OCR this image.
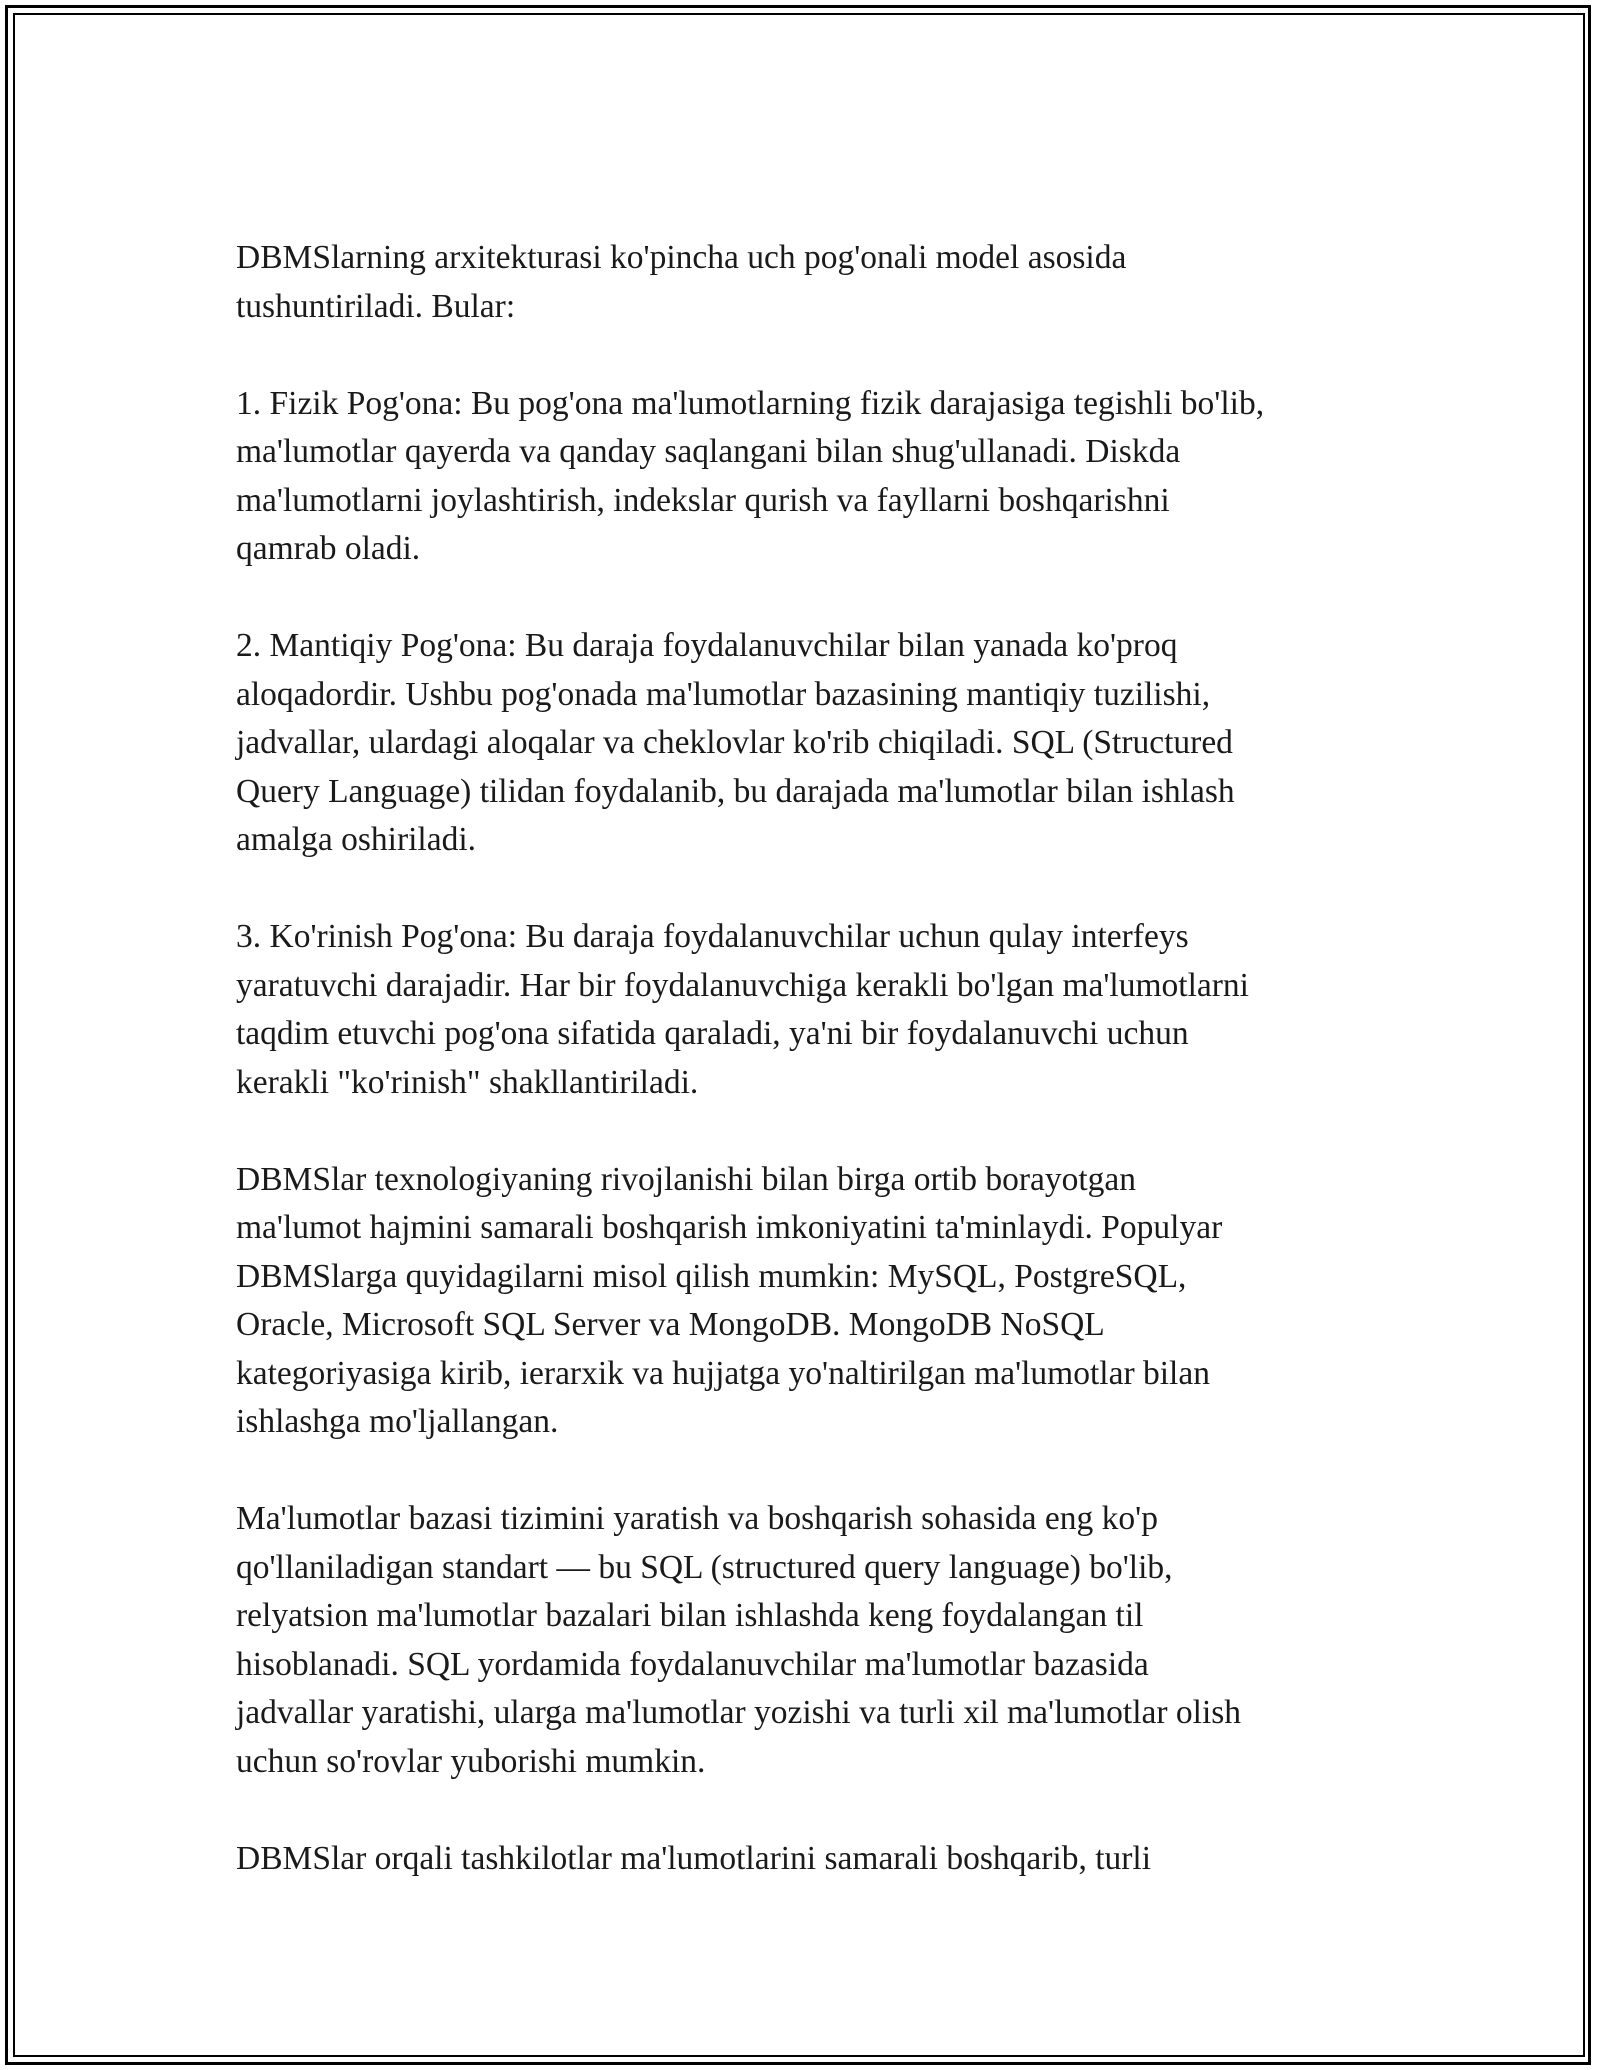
DBMSlarning arxitekturasi ko'pincha uch pog'onali model asosida
tushuntiriladi. Bular:

1. Fizik Pog'ona: Bu pog'ona ma'lumotlarning fizik darajasiga tegishli bo'lib,
ma'lumotlar qayerda va qanday saqlangani bilan shug'ullanadi. Diskda
ma'lumotlarni joylashtirish, indekslar qurish va fayllarni boshqarishni
qamrab oladi.

2. Mantiqiy Pog'ona: Bu daraja foydalanuvchilar bilan yanada ko'proq
aloqadordir. Ushbu pog'onada ma'lumotlar bazasining mantiqiy tuzilishi,
jadvallar, ulardagi aloqalar va cheklovlar ko'rib chiqiladi. SQL (Structured
Query Language) tilidan foydalanib, bu darajada ma'lumotlar bilan ishlash
amalga oshiriladi.

3. Ko'rinish Pog'ona: Bu daraja foydalanuvchilar uchun qulay interfeys
yaratuvchi darajadir. Har bir foydalanuvchiga kerakli bo'lgan ma'lumotlarni
taqdim etuvchi pog'ona sifatida qaraladi, ya'ni bir foydalanuvchi uchun
kerakli "ko'rinish" shakllantiriladi.

DBMSlar texnologiyaning rivojlanishi bilan birga ortib borayotgan
ma'lumot hajmini samarali boshqarish imkoniyatini ta'minlaydi. Populyar
DBMSlarga quyidagilarni misol qilish mumkin: MySQL, PostgreSQL,
Oracle, Microsoft SQL Server va MongoDB. MongoDB NoSQL
kategoriyasiga kirib, ierarxik va hujjatga yo'naltirilgan ma'lumotlar bilan
ishlashga mo'ljallangan.

Ma'lumotlar bazasi tizimini yaratish va boshqarish sohasida eng ko'p
qo'llaniladigan standart — bu SQL (structured query language) bo'lib,
relyatsion ma'lumotlar bazalari bilan ishlashda keng foydalangan til
hisoblanadi. SQL yordamida foydalanuvchilar ma'lumotlar bazasida
jadvallar yaratishi, ularga ma'lumotlar yozishi va turli xil ma'lumotlar olish
uchun so'rovlar yuborishi mumkin.

DBMSlar orqali tashkilotlar ma'lumotlarini samarali boshqarib, turli
